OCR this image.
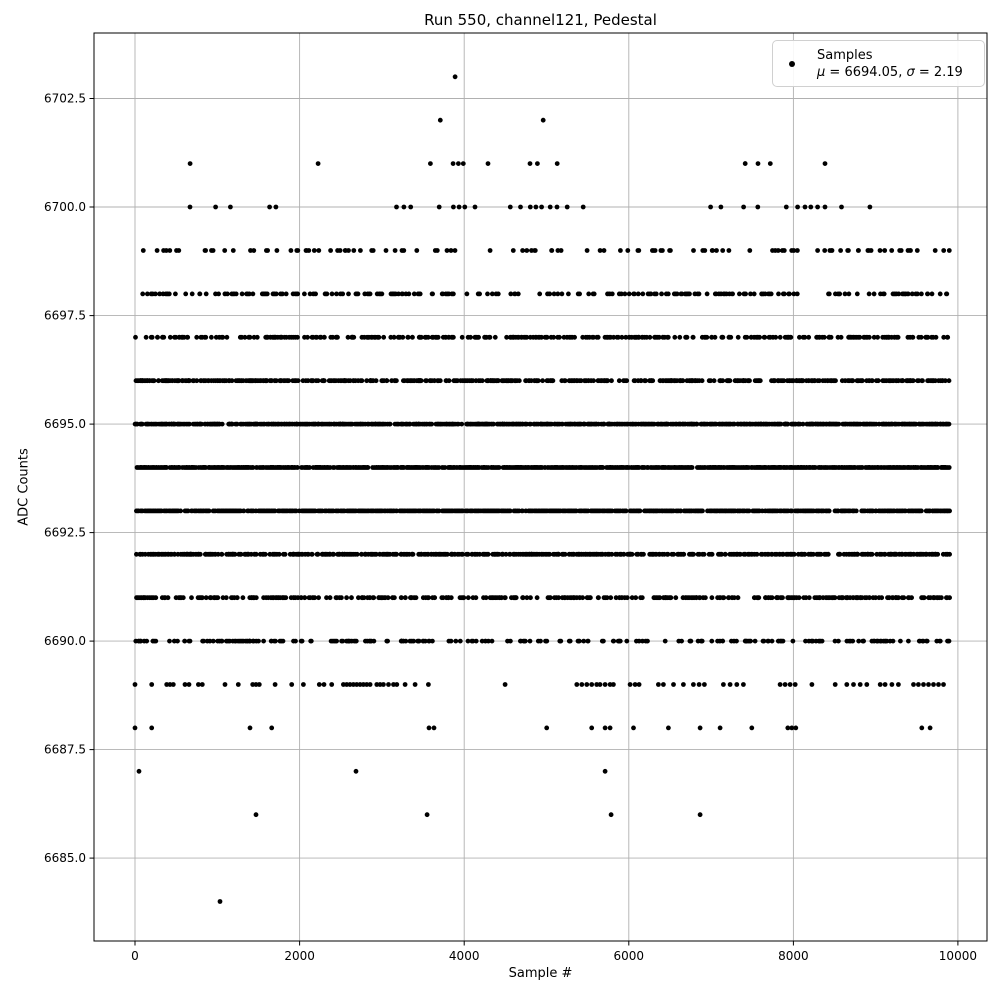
0	2000	4000	6000	8000	10000
6685.0
6687.5
6690.0
6692.5
6695.0
6697.5
6700.0
6702.5
Run 550, channel121, Pedestal
Sample #
ADC Counts
Samples
μ = 6694.05, σ = 2.19
